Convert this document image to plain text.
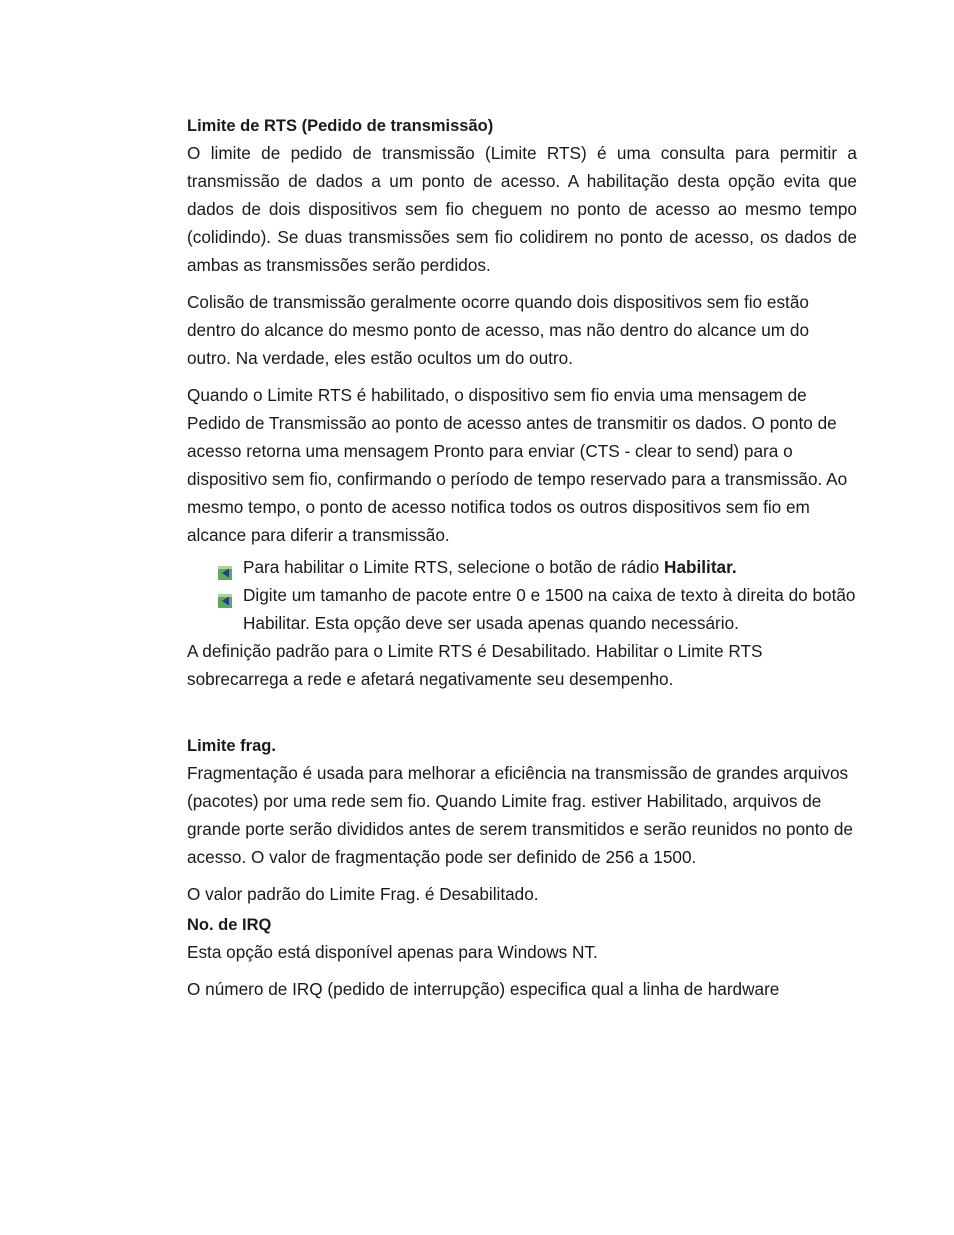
Limite de RTS (Pedido de transmissão)

O limite de pedido de transmissão (Limite RTS) é uma consulta para permitir a transmissão de dados a um ponto de acesso. A habilitação desta opção evita que dados de dois dispositivos sem fio cheguem no ponto de acesso ao mesmo tempo (colidindo). Se duas transmissões sem fio colidirem no ponto de acesso, os dados de ambas as transmissões serão perdidos.

Colisão de transmissão geralmente ocorre quando dois dispositivos sem fio estão dentro do alcance do mesmo ponto de acesso, mas não dentro do alcance um do outro. Na verdade, eles estão ocultos um do outro.

Quando o Limite RTS é habilitado, o dispositivo sem fio envia uma mensagem de Pedido de Transmissão ao ponto de acesso antes de transmitir os dados. O ponto de acesso retorna uma mensagem Pronto para enviar (CTS - clear to send) para o dispositivo sem fio, confirmando o período de tempo reservado para a transmissão. Ao mesmo tempo, o ponto de acesso notifica todos os outros dispositivos sem fio em alcance para diferir a transmissão.

Para habilitar o Limite RTS, selecione o botão de rádio Habilitar.
Digite um tamanho de pacote entre 0 e 1500 na caixa de texto à direita do botão Habilitar. Esta opção deve ser usada apenas quando necessário.

A definição padrão para o Limite RTS é Desabilitado. Habilitar o Limite RTS sobrecarrega a rede e afetará negativamente seu desempenho.

Limite frag.

Fragmentação é usada para melhorar a eficiência na transmissão de grandes arquivos (pacotes) por uma rede sem fio. Quando Limite frag. estiver Habilitado, arquivos de grande porte serão divididos antes de serem transmitidos e serão reunidos no ponto de acesso. O valor de fragmentação pode ser definido de 256 a 1500.

O valor padrão do Limite Frag. é Desabilitado.

No. de IRQ

Esta opção está disponível apenas para Windows NT.

O número de IRQ (pedido de interrupção) especifica qual a linha de hardware
